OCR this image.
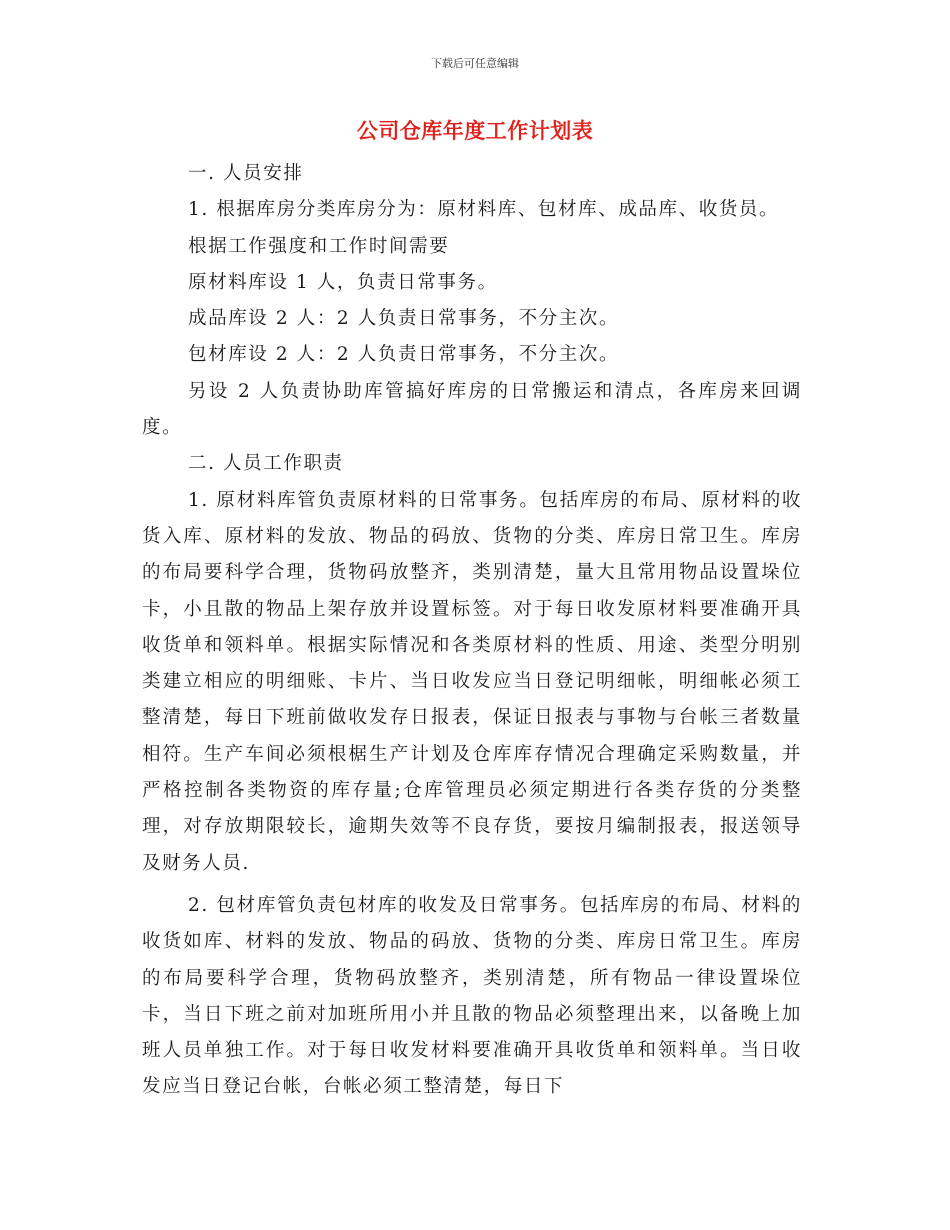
下载后可任意编辑
公司仓库年度工作计划表

一. 人员安排

1. 根据库房分类库房分为：原材料库、包材库、成品库、收货员。

根据工作强度和工作时间需要

原材料库设 1 人，负责日常事务。

成品库设 2 人：2 人负责日常事务，不分主次。

包材库设 2 人：2 人负责日常事务，不分主次。

另设 2 人负责协助库管搞好库房的日常搬运和清点，各库房来回调度。

二. 人员工作职责

1. 原材料库管负责原材料的日常事务。包括库房的布局、原材料的收货入库、原材料的发放、物品的码放、货物的分类、库房日常卫生。库房的布局要科学合理，货物码放整齐，类别清楚，量大且常用物品设置垛位卡，小且散的物品上架存放并设置标签。对于每日收发原材料要准确开具收货单和领料单。根据实际情况和各类原材料的性质、用途、类型分明别类建立相应的明细账、卡片、当日收发应当日登记明细帐，明细帐必须工整清楚，每日下班前做收发存日报表，保证日报表与事物与台帐三者数量相符。生产车间必须根椐生产计划及仓库库存情况合理确定采购数量，并严格控制各类物资的库存量;仓库管理员必须定期进行各类存货的分类整理，对存放期限较长，逾期失效等不良存货，要按月编制报表，报送领导及财务人员.

2. 包材库管负责包材库的收发及日常事务。包括库房的布局、材料的收货如库、材料的发放、物品的码放、货物的分类、库房日常卫生。库房的布局要科学合理，货物码放整齐，类别清楚，所有物品一律设置垛位卡，当日下班之前对加班所用小并且散的物品必须整理出来，以备晚上加班人员单独工作。对于每日收发材料要准确开具收货单和领料单。当日收发应当日登记台帐，台帐必须工整清楚，每日下
